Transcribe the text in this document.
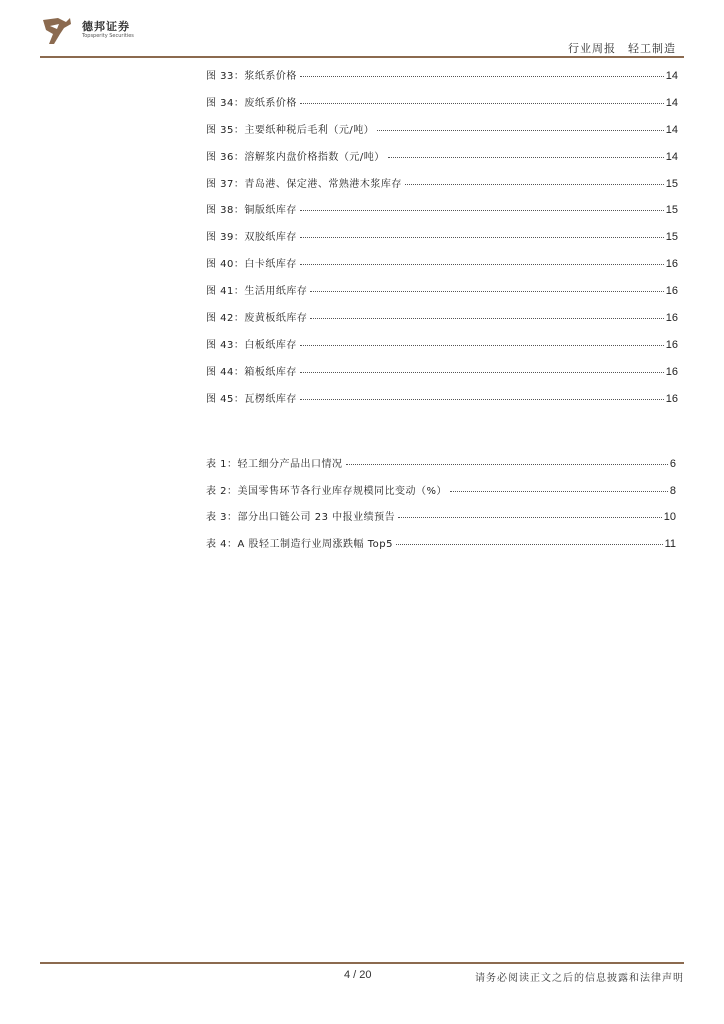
德邦证券
Topsperity Securities
行业周报 轻工制造
图 33：浆纸系价格	14
图 34：废纸系价格	14
图 35：主要纸种税后毛利（元/吨）	14
图 36：溶解浆内盘价格指数（元/吨）	14
图 37：青岛港、保定港、常熟港木浆库存	15
图 38：铜版纸库存	15
图 39：双胶纸库存	15
图 40：白卡纸库存	16
图 41：生活用纸库存	16
图 42：废黄板纸库存	16
图 43：白板纸库存	16
图 44：箱板纸库存	16
图 45：瓦楞纸库存	16
表 1：轻工细分产品出口情况	6
表 2：美国零售环节各行业库存规模同比变动（%）	8
表 3：部分出口链公司 23 中报业绩预告	10
表 4：A 股轻工制造行业周涨跌幅 Top5	11
4 / 20	请务必阅读正文之后的信息披露和法律声明
